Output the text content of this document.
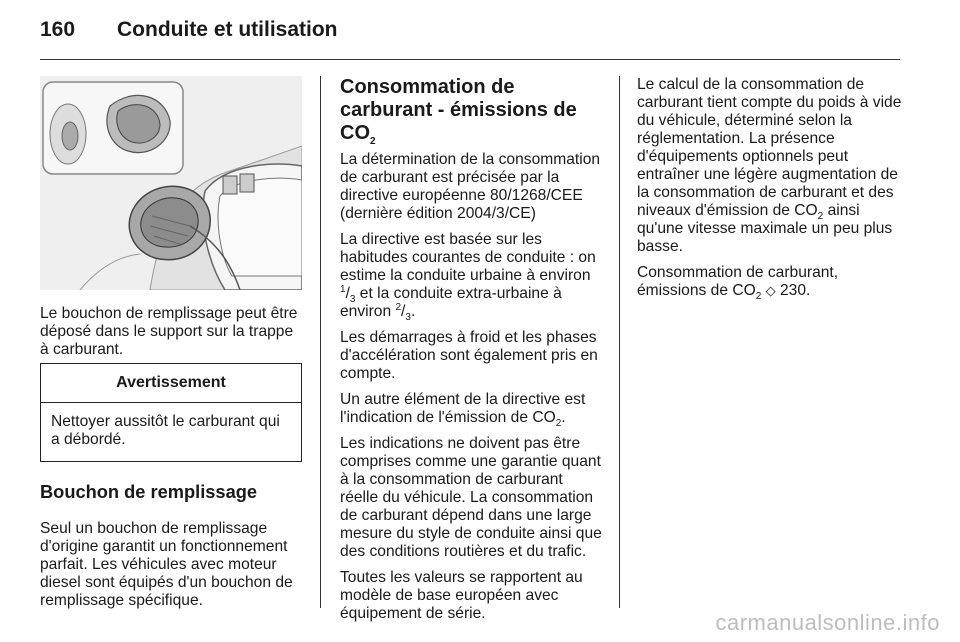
160 Conduite et utilisation

Le bouchon de remplissage peut être déposé dans le support sur la trappe à carburant.

Avertissement
Nettoyer aussitôt le carburant qui a débordé.
Bouchon de remplissage
Seul un bouchon de remplissage d'origine garantit un fonctionnement parfait. Les véhicules avec moteur diesel sont équipés d'un bouchon de remplissage spécifique.
Consommation de carburant - émissions de $CO_2$

La détermination de la consommation de carburant est précisée par la directive européenne 80/1268/CEE (dernière édition 2004/3/CE)

La directive est basée sur les habitudes courantes de conduite : on estime la conduite urbaine à environ $^1/_3$ et la conduite extra-urbaine à environ $^2/_3$.

Les démarrages à froid et les phases d'accélération sont également pris en compte.

Un autre élément de la directive est l'indication de l'émission de $CO_2$.

Les indications ne doivent pas être comprises comme une garantie quant à la consommation de carburant réelle du véhicule. La consommation de carburant dépend dans une large mesure du style de conduite ainsi que des conditions routières et du trafic.

Toutes les valeurs se rapportent au modèle de base européen avec équipement de série.

Le calcul de la consommation de carburant tient compte du poids à vide du véhicule, déterminé selon la réglementation. La présence d'équipements optionnels peut entraîner une légère augmentation de la consommation de carburant et des niveaux d'émission de $CO_2$ ainsi qu'une vitesse maximale un peu plus basse.

Consommation de carburant, émissions de $CO_2$ ◇ 230.

carmanualsonline.info
